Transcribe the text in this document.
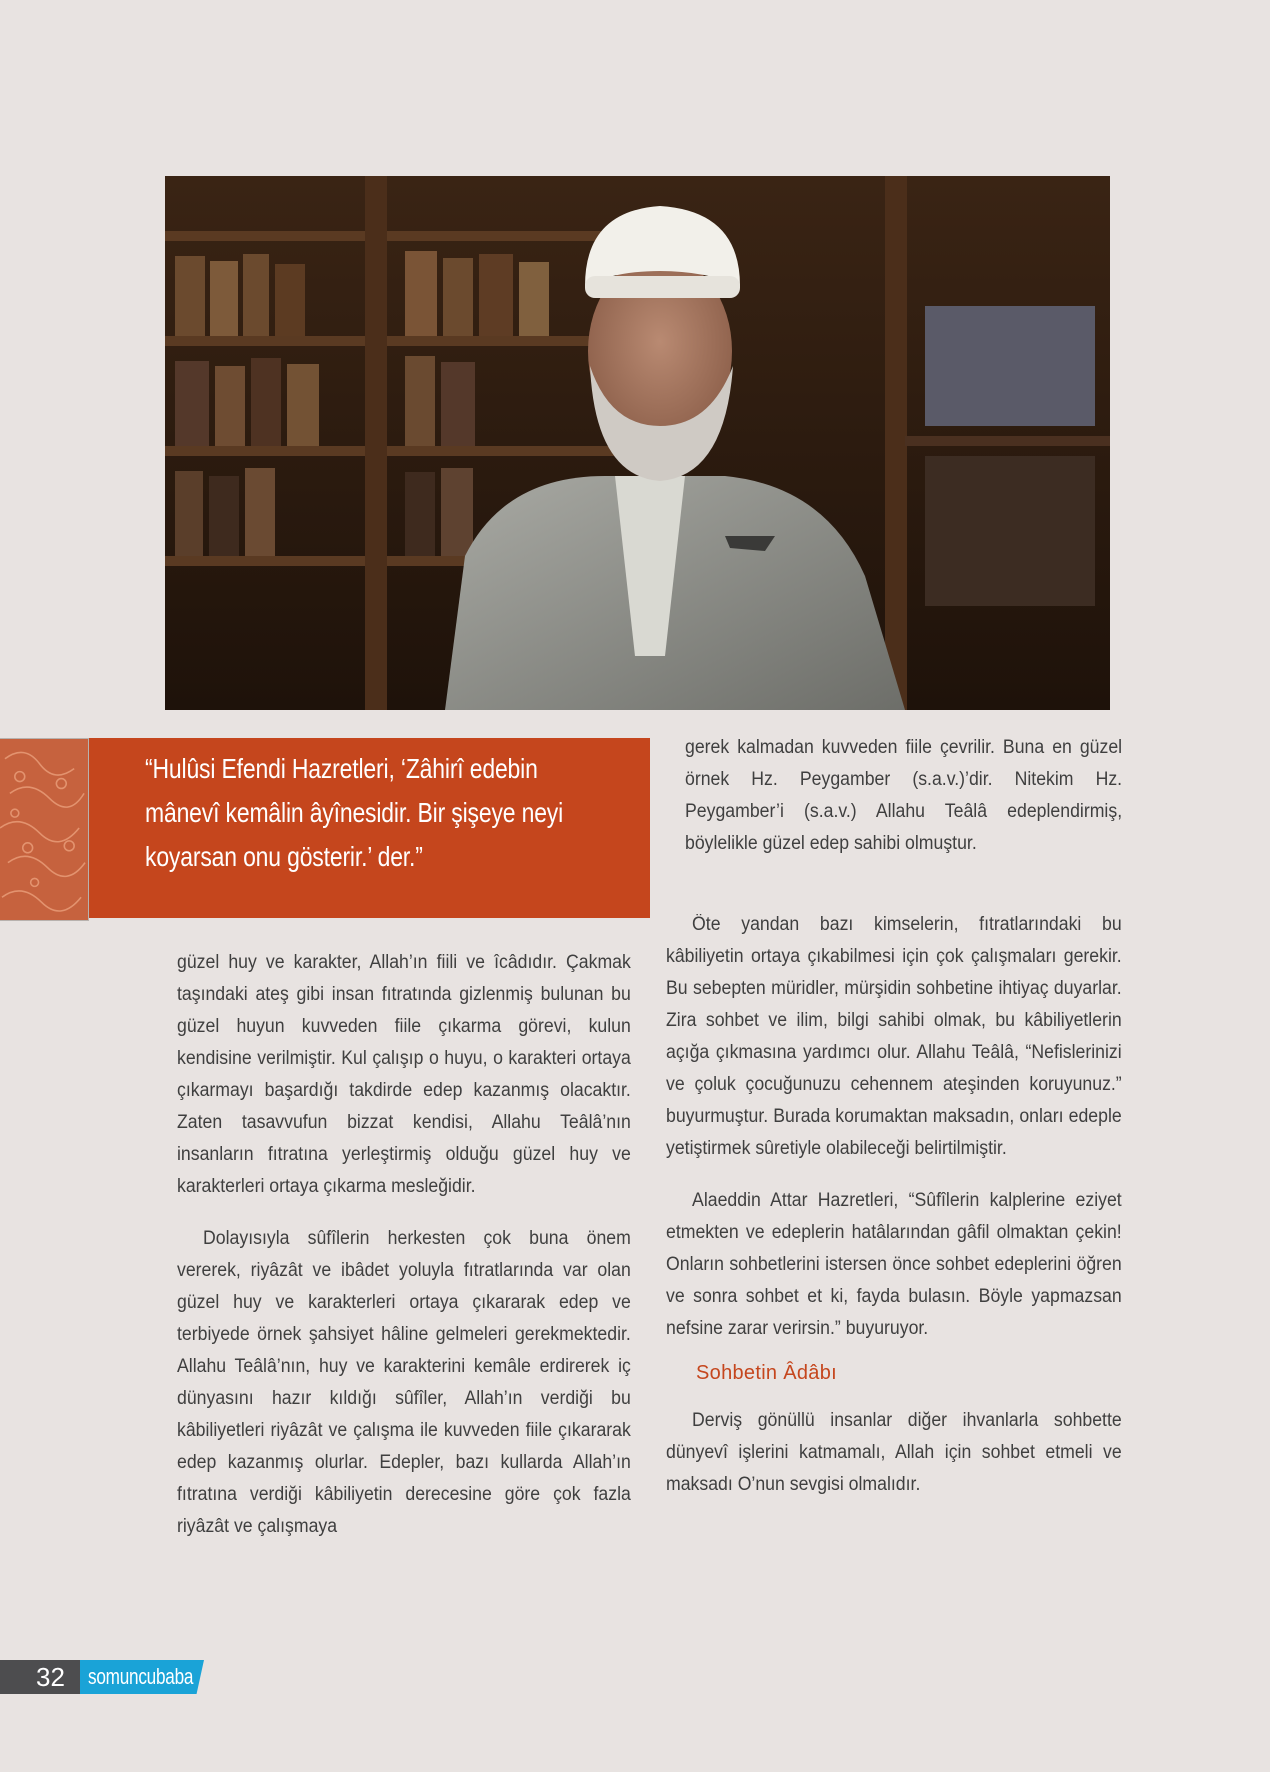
“Hulûsi Efendi Hazretleri, ‘Zâhirî edebin mânevî kemâlin âyînesidir. Bir şişeye neyi koyarsan onu gösterir.’ der.”

gerek kalmadan kuvveden fiile çevrilir. Buna en güzel örnek Hz. Peygamber (s.a.v.)’dir. Nitekim Hz. Peygamber’i (s.a.v.) Allahu Teâlâ edeplendirmiş, böylelikle güzel edep sahibi olmuştur.

güzel huy ve karakter, Allah’ın fiili ve îcâdıdır. Çakmak taşındaki ateş gibi insan fıtratında gizlenmiş bulunan bu güzel huyun kuvveden fiile çıkarma görevi, kulun kendisine verilmiştir. Kul çalışıp o huyu, o karakteri ortaya çıkarmayı başardığı takdirde edep kazanmış olacaktır. Zaten tasavvufun bizzat kendisi, Allahu Teâlâ’nın insanların fıtratına yerleştirmiş olduğu güzel huy ve karakterleri ortaya çıkarma mesleğidir.

Dolayısıyla sûfîlerin herkesten çok buna önem vererek, riyâzât ve ibâdet yoluyla fıtratlarında var olan güzel huy ve karakterleri ortaya çıkararak edep ve terbiyede örnek şahsiyet hâline gelmeleri gerekmektedir. Allahu Teâlâ’nın, huy ve karakterini kemâle erdirerek iç dünyasını hazır kıldığı sûfîler, Allah’ın verdiği bu kâbiliyetleri riyâzât ve çalışma ile kuvveden fiile çıkararak edep kazanmış olurlar. Edepler, bazı kullarda Allah’ın fıtratına verdiği kâbiliyetin derecesine göre çok fazla riyâzât ve çalışmaya

Öte yandan bazı kimselerin, fıtratlarındaki bu kâbiliyetin ortaya çıkabilmesi için çok çalışmaları gerekir. Bu sebepten müridler, mürşidin sohbetine ihtiyaç duyarlar. Zira sohbet ve ilim, bilgi sahibi olmak, bu kâbiliyetlerin açığa çıkmasına yardımcı olur. Allahu Teâlâ, “Nefislerinizi ve çoluk çocuğunuzu cehennem ateşinden koruyunuz.” buyurmuştur. Burada korumaktan maksadın, onları edeple yetiştirmek sûretiyle olabileceği belirtilmiştir.

Alaeddin Attar Hazretleri, “Sûfîlerin kalplerine eziyet etmekten ve edeplerin hatâlarından gâfil olmaktan çekin! Onların sohbetlerini istersen önce sohbet edeplerini öğren ve sonra sohbet et ki, fayda bulasın. Böyle yapmazsan nefsine zarar verirsin.” buyuruyor.

Sohbetin Âdâbı

Derviş gönüllü insanlar diğer ihvanlarla sohbette dünyevî işlerini katmamalı, Allah için sohbet etmeli ve maksadı O’nun sevgisi olmalıdır.

32 somuncubaba
